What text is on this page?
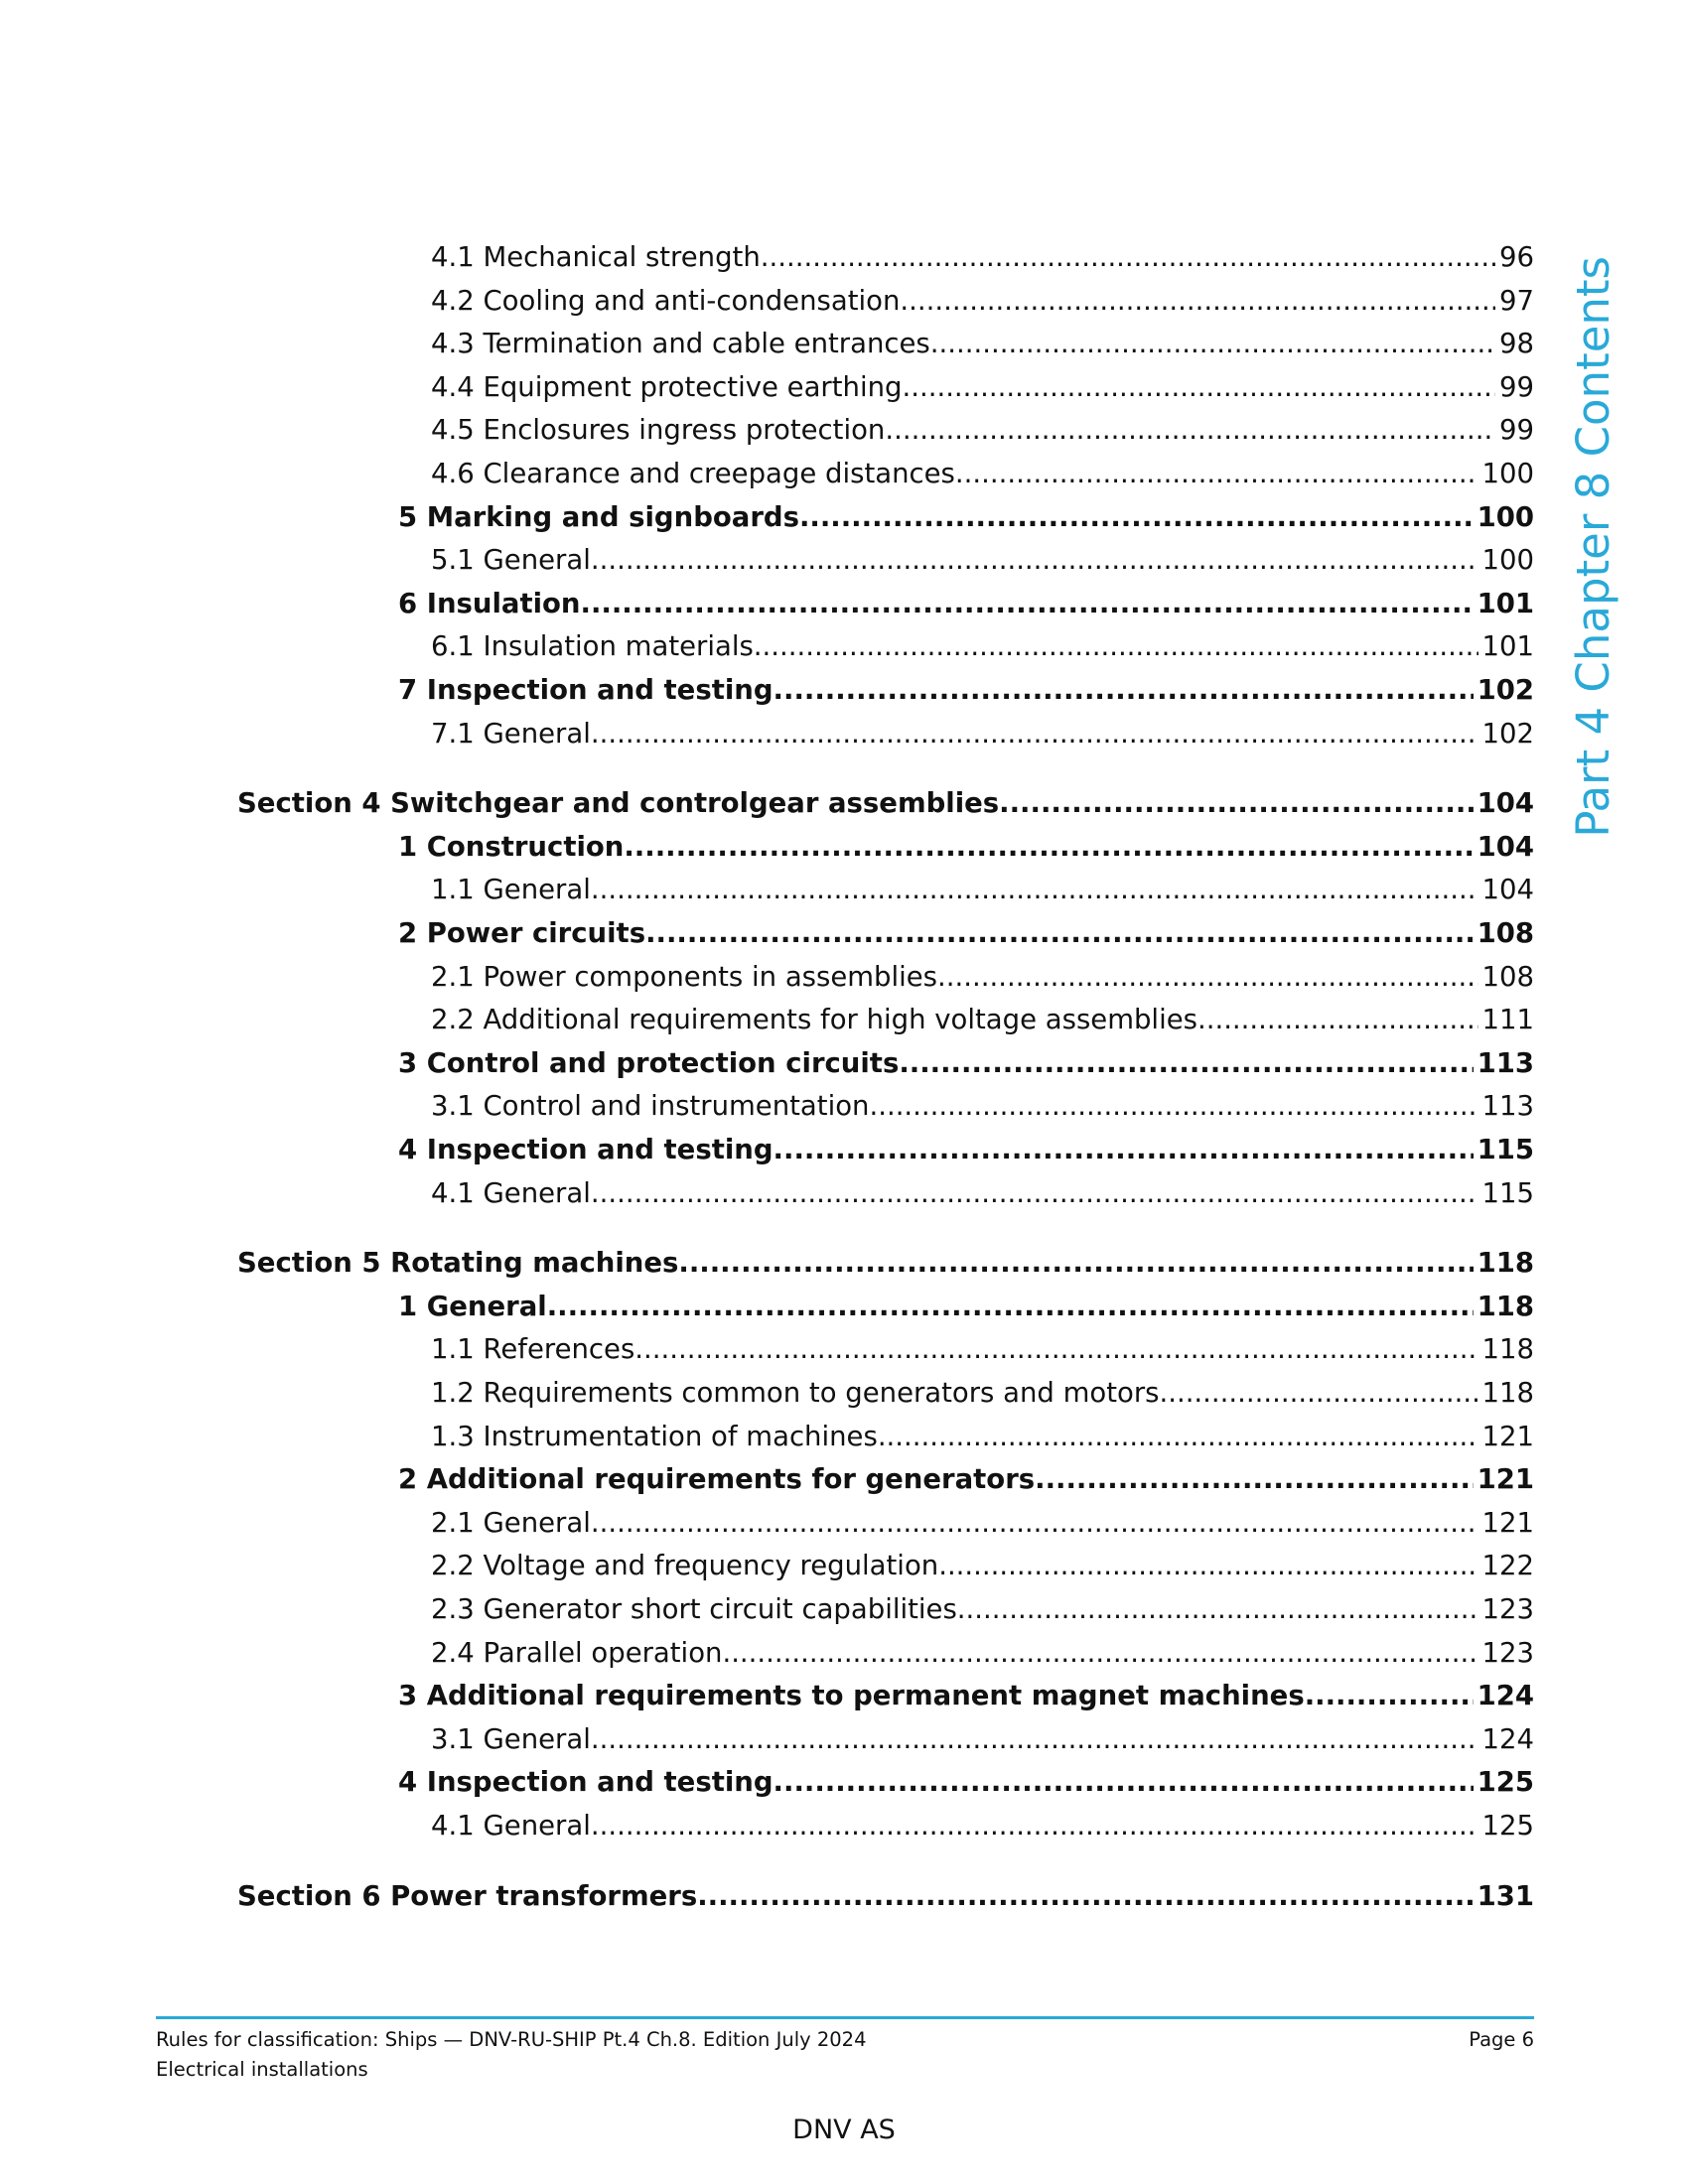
4.1 Mechanical strength .....	96
4.2 Cooling and anti-condensation .....	97
4.3 Termination and cable entrances .....	98
4.4 Equipment protective earthing .....	99
4.5 Enclosures ingress protection .....	99
4.6 Clearance and creepage distances .....	100
5 Marking and signboards .....	100
5.1 General .....	100
6 Insulation .....	101
6.1 Insulation materials .....	101
7 Inspection and testing .....	102
7.1 General .....	102
Section 4 Switchgear and controlgear assemblies .....	104
1 Construction .....	104
1.1 General .....	104
2 Power circuits .....	108
2.1 Power components in assemblies .....	108
2.2 Additional requirements for high voltage assemblies .....	111
3 Control and protection circuits .....	113
3.1 Control and instrumentation .....	113
4 Inspection and testing .....	115
4.1 General .....	115
Section 5 Rotating machines .....	118
1 General .....	118
1.1 References .....	118
1.2 Requirements common to generators and motors .....	118
1.3 Instrumentation of machines .....	121
2 Additional requirements for generators .....	121
2.1 General .....	121
2.2 Voltage and frequency regulation .....	122
2.3 Generator short circuit capabilities .....	123
2.4 Parallel operation .....	123
3 Additional requirements to permanent magnet machines .....	124
3.1 General .....	124
4 Inspection and testing .....	125
4.1 General .....	125
Section 6 Power transformers .....	131
Part 4 Chapter 8 Contents
Rules for classification: Ships — DNV-RU-SHIP Pt.4 Ch.8. Edition July 2024
Electrical installations
Page 6
DNV AS
